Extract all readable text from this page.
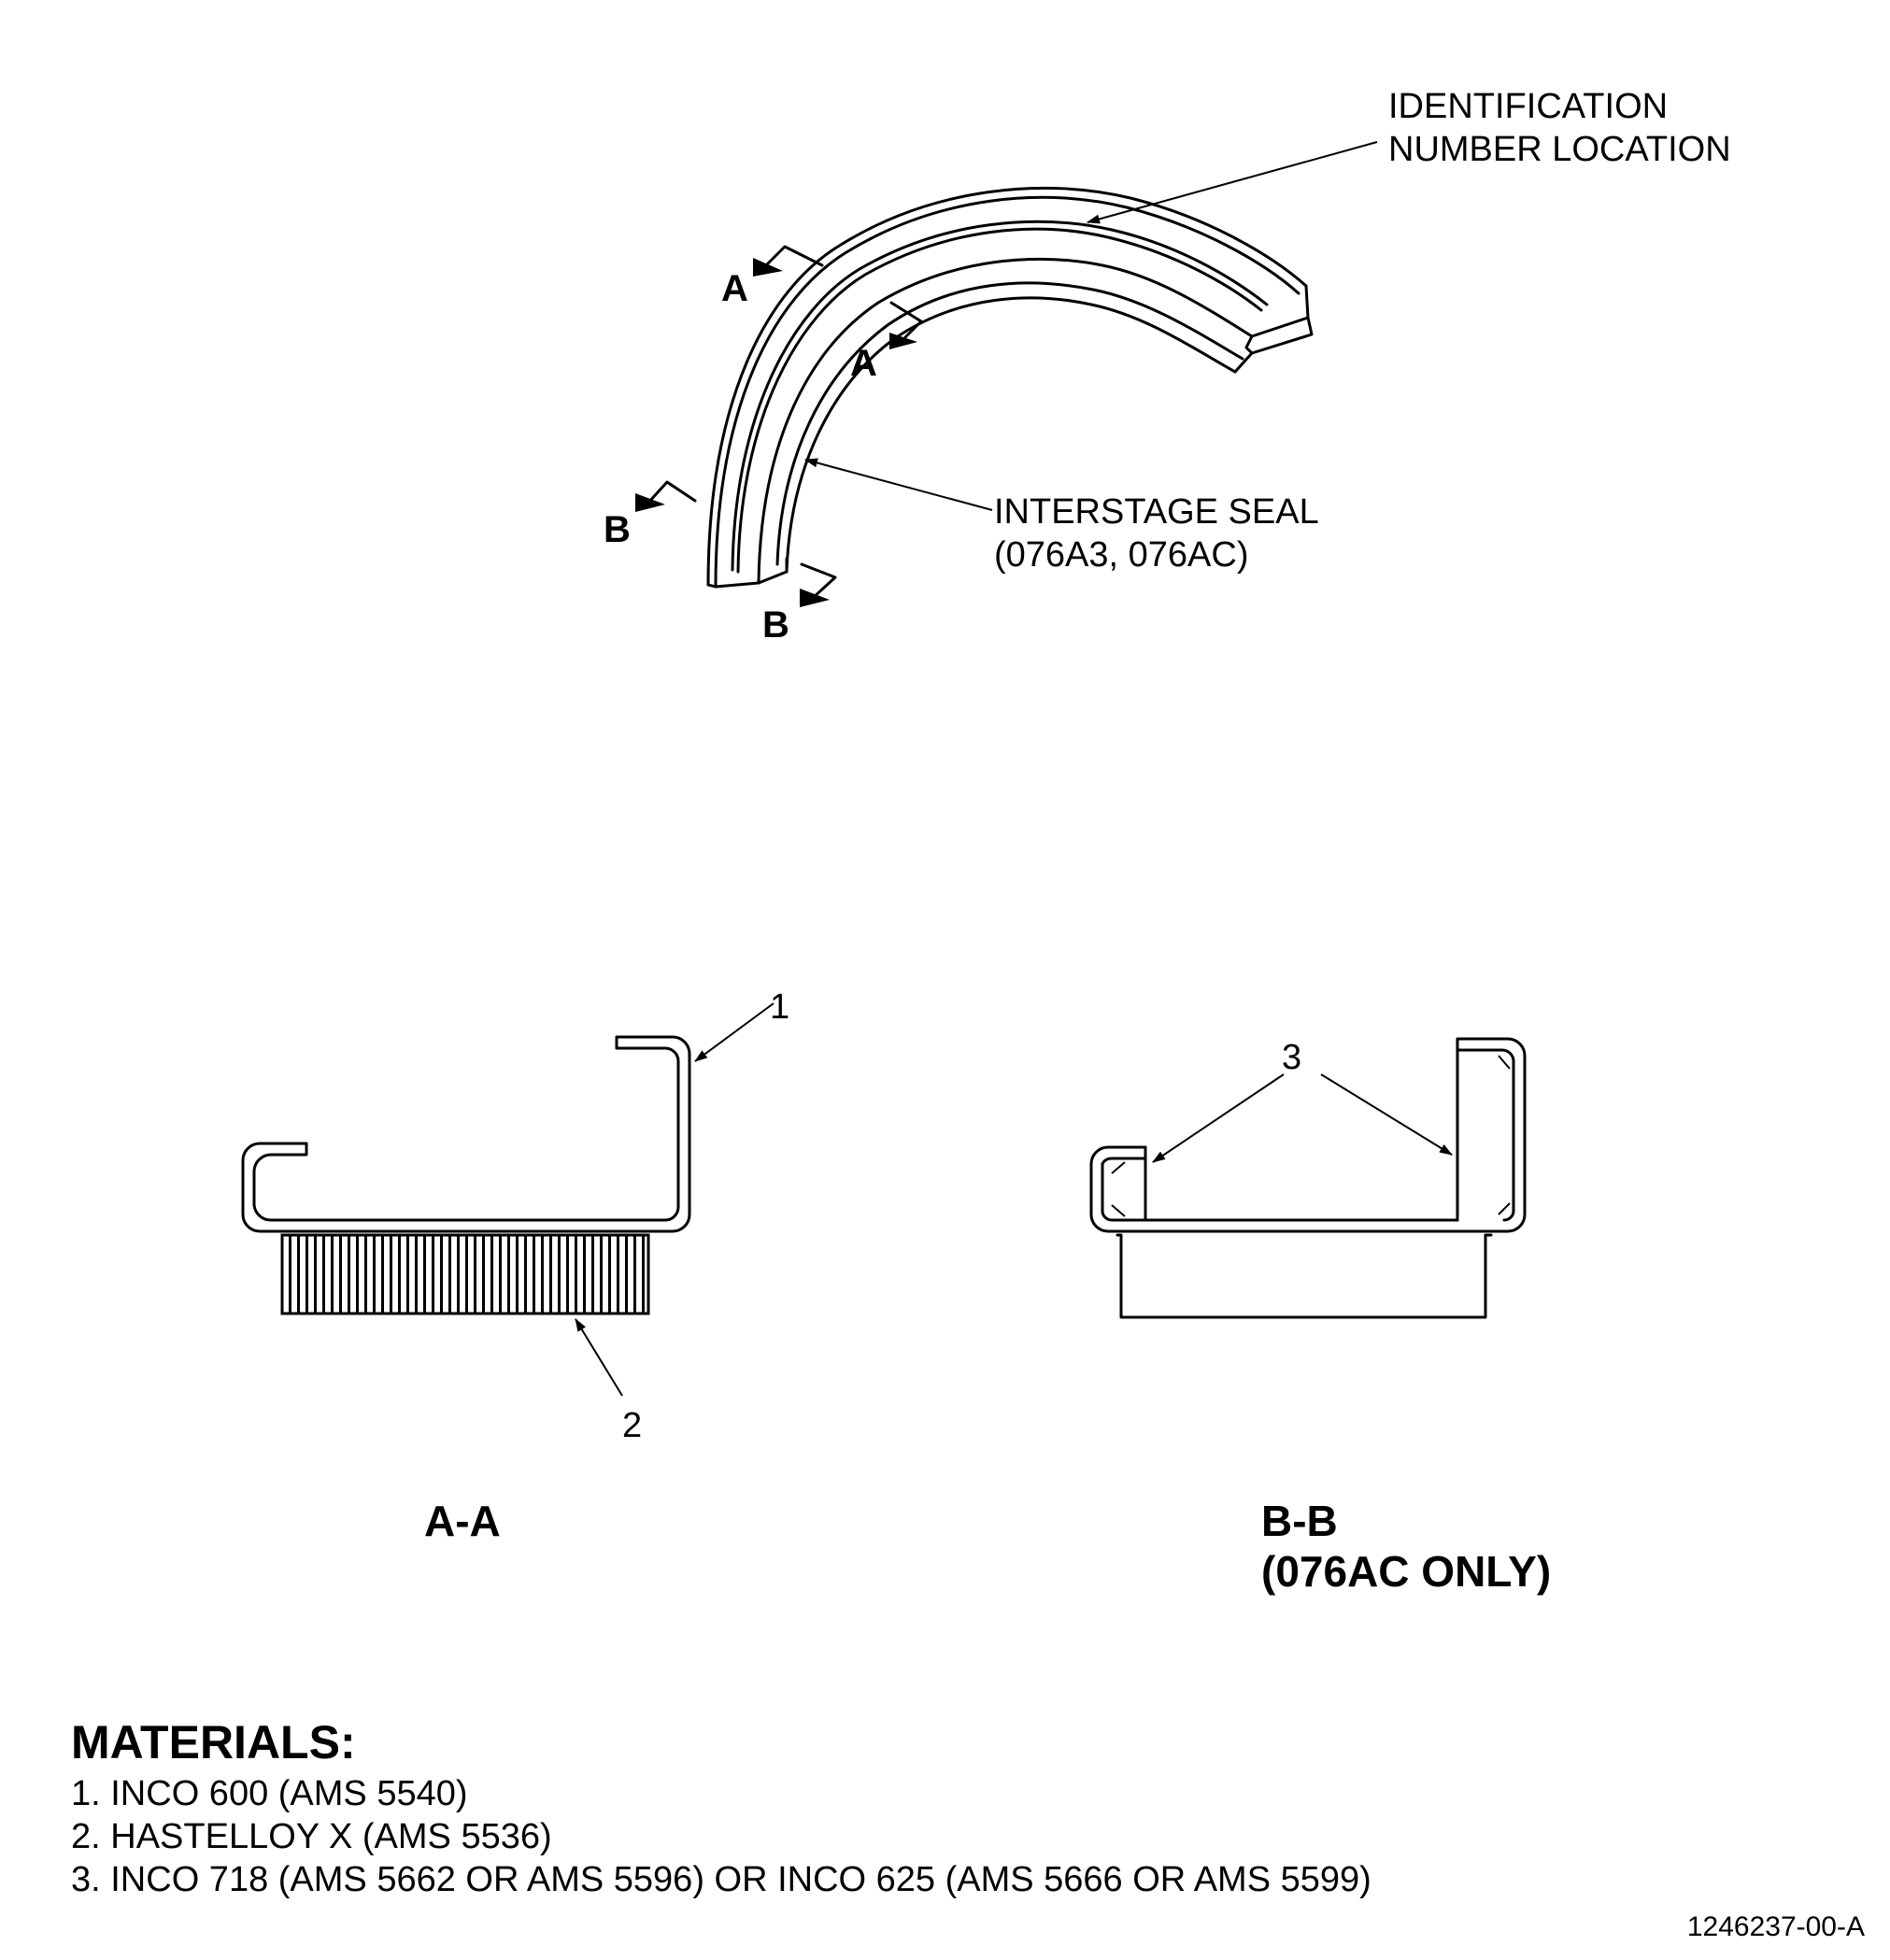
A
A
B
B
IDENTIFICATION
NUMBER LOCATION
INTERSTAGE SEAL
(076A3, 076AC)
1
2
A-A
3
B-B
(076AC ONLY)
MATERIALS:
1. INCO 600 (AMS 5540)
2. HASTELLOY X (AMS 5536)
3. INCO 718 (AMS 5662 OR AMS 5596) OR INCO 625 (AMS 5666 OR AMS 5599)
1246237-00-A
